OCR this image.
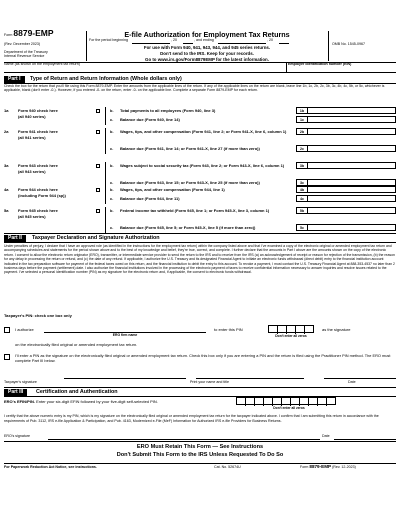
Form 8879-EMP
(Rev. December 2023)
Department of the Treasury
Internal Revenue Service
E-file Authorization for Employment Tax Returns
For the period beginning	, 20	, and ending	, 20
For use with Form 940, 941, 943, 944, and 945 series returns.
Don't send to the IRS. Keep for your records.
Go to www.irs.gov/Form8879EMP for the latest information.
OMB No. 1545-0967
Name (as shown on the employment tax return)	Employer identification number (EIN)
Part I	Type of Return and Return Information (Whole dollars only)
Check the box for the return that you'll file using this Form 8879-EMP. Enter the amounts from the applicable lines of the return. If any of the applicable lines on the return are blank, leave line 1b, 1c, 2b, 2c, 3b, 3c, 4b, 4c, 5b, or 5c, whichever is applicable, blank (don't enter -0-). However, if you entered -0- on the return, enter -0- on the applicable line. Complete a separate Form 8879-EMP for each return.
1a Form 940 check here
(all 940 series)
b. Total payments to all employees (Form 940, line 3)	1b
c. Balance due (Form 940, line 14)	1c
2a Form 941 check here
(all 941 series)
b. Wages, tips, and other compensation (Form 941, line 2; or Form 941-X, line 6, column 1)	2b
c. Balance due (Form 941, line 14; or Form 941-X, line 27 (if more than zero))	2c
3a Form 943 check here
(all 943 series)
b. Wages subject to social security tax (Form 943, line 2; or Form 943-X, line 6, column 1)	3b
c. Balance due (Form 943, line 15; or Form 943-X, line 25 (if more than zero))	3c
4a Form 944 check here
(including Form 944 (sp))
b. Wages, tips, and other compensation (Form 944, line 1)	4b
c. Balance due (Form 944, line 11)	4c
5a Form 945 check here
(all 945 series)
b. Federal income tax withheld (Form 945, line 1; or Form 945-X, line 3, column 1)	5b
c. Balance due (Form 945, line 5; or Form 945-X, line 5 (if more than zero))	5c
Part II	Taxpayer Declaration and Signature Authorization
Under penalties of perjury, I declare that I have an approved role (as identified in the instructions for the employment tax return) within the company listed above and that I've examined a copy of the electronic original or amended employment tax return and accompanying schedules and statements for the period shown above and to the best of my knowledge and belief, they're true, correct, and complete. I further declare that the amounts in Part I above are the amounts shown on the copy of the electronic return. I consent to allow the electronic return originator (ERO), transmitter, or intermediate service provider to send the return to the IRS and to receive from the IRS (a) an acknowledgement of receipt or reason for rejection of the transmission, (b) the reason for any delay in processing the return or refund, and (c) the date of any refund. If applicable, I authorize the U.S. Treasury and its designated Financial Agent to initiate an electronic funds withdrawal (direct debit) entry to the financial institution account indicated in the tax preparation software for payment of the federal taxes owed on this return, and the financial institution to debit the entry to this account. To revoke a payment, I must contact the U.S. Treasury Financial Agent at 888-353-4537 no later than 2 business days before the payment (settlement) date. I also authorize the financial institutions involved in the processing of the electronic payment of taxes to receive confidential information necessary to answer inquiries and resolve issues related to the payment. I've selected a personal identification number (PIN) as my signature for the electronic return and, if applicable, the consent to electronic funds withdrawal.
Taxpayer's PIN: check one box only
I authorize
ERO firm name
to enter this PIN
Don't enter all zeros
as the signature
on the electronically filed original or amended employment tax return.
I'll enter a PIN as the signature on the electronically filed original or amended employment tax return. Check this box only if you are entering a PIN and the return is filed using the Practitioner PIN method. The ERO must complete Part III below.
Taxpayer's signature	Print your name and title	Date
Part III	Certification and Authentication
ERO's EFIN/PIN. Enter your six-digit EFIN followed by your five-digit self-selected PIN.
Don't enter all zeros
I certify that the above numeric entry is my PIN, which is my signature on the electronically filed original or amended employment tax return for the taxpayer indicated above. I confirm that I am submitting this return in accordance with the requirements of Pub. 3112, IRS e-file Application & Participation, and Pub. 4163, Modernized e-File (MeF) Information for Authorized IRS e-file Providers for Business Returns.
ERO's signature	Date
ERO Must Retain This Form — See Instructions
Don't Submit This Form to the IRS Unless Requested To Do So
For Paperwork Reduction Act Notice, see instructions.	Cat. No. 52674U	Form 8879-EMP (Rev. 12-2023)
